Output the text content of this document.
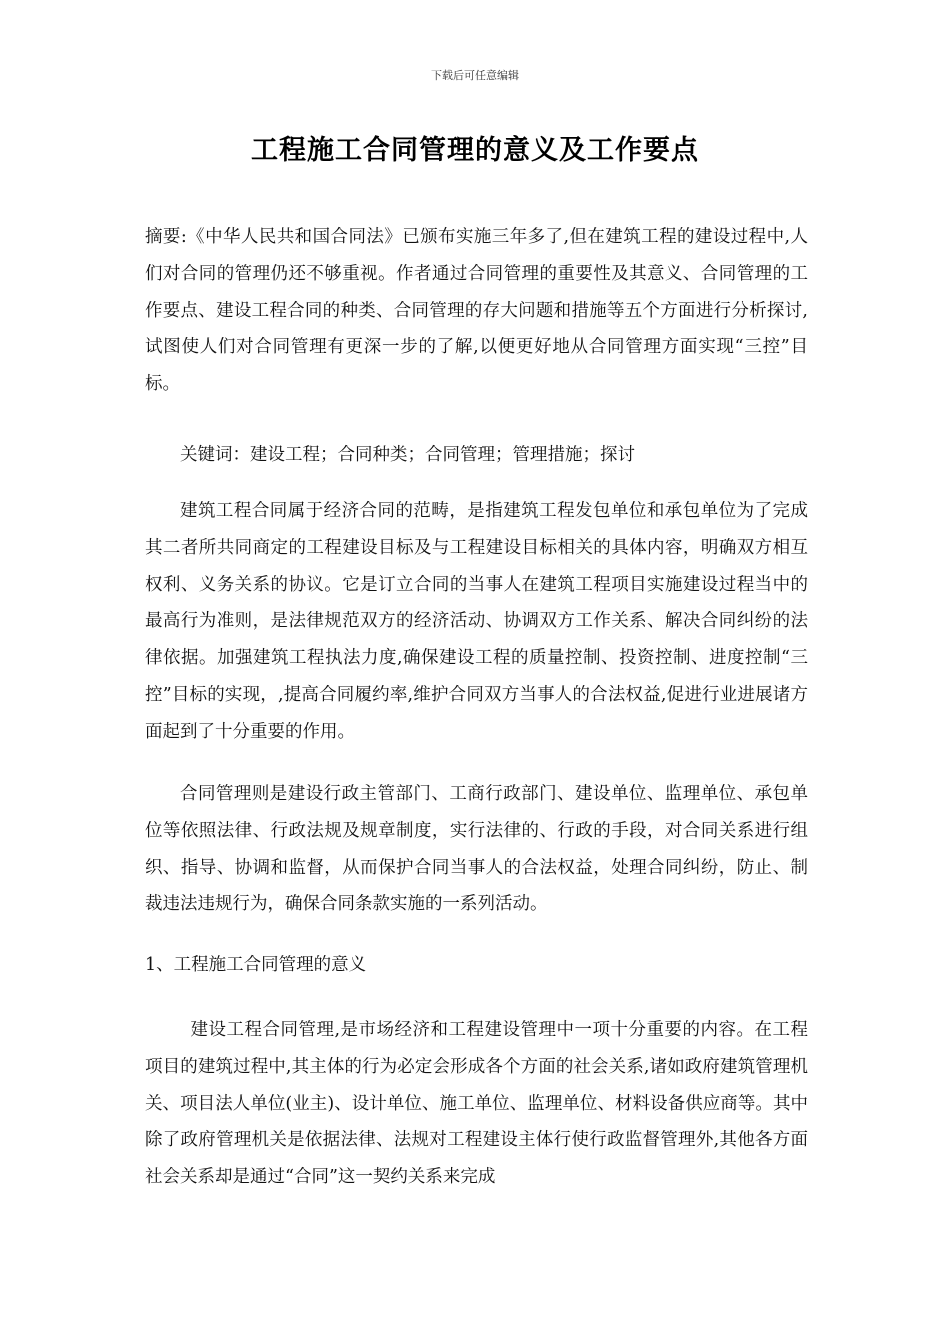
下载后可任意编辑
工程施工合同管理的意义及工作要点

摘要:《中华人民共和国合同法》已颁布实施三年多了,但在建筑工程的建设过程中,人们对合同的管理仍还不够重视。作者通过合同管理的重要性及其意义、合同管理的工作要点、建设工程合同的种类、合同管理的存大问题和措施等五个方面进行分析探讨,试图使人们对合同管理有更深一步的了解,以便更好地从合同管理方面实现“三控”目标。

关键词：建设工程；合同种类；合同管理；管理措施；探讨

建筑工程合同属于经济合同的范畴，是指建筑工程发包单位和承包单位为了完成其二者所共同商定的工程建设目标及与工程建设目标相关的具体内容，明确双方相互权利、义务关系的协议。它是订立合同的当事人在建筑工程项目实施建设过程当中的最高行为准则，是法律规范双方的经济活动、协调双方工作关系、解决合同纠纷的法律依据。加强建筑工程执法力度,确保建设工程的质量控制、投资控制、进度控制“三控”目标的实现，,提高合同履约率,维护合同双方当事人的合法权益,促进行业进展诸方面起到了十分重要的作用。

合同管理则是建设行政主管部门、工商行政部门、建设单位、监理单位、承包单位等依照法律、行政法规及规章制度，实行法律的、行政的手段，对合同关系进行组织、指导、协调和监督，从而保护合同当事人的合法权益，处理合同纠纷，防止、制裁违法违规行为，确保合同条款实施的一系列活动。

1、工程施工合同管理的意义

建设工程合同管理,是市场经济和工程建设管理中一项十分重要的内容。在工程项目的建筑过程中,其主体的行为必定会形成各个方面的社会关系,诸如政府建筑管理机关、项目法人单位(业主)、设计单位、施工单位、监理单位、材料设备供应商等。其中除了政府管理机关是依据法律、法规对工程建设主体行使行政监督管理外,其他各方面社会关系却是通过“合同”这一契约关系来完成
